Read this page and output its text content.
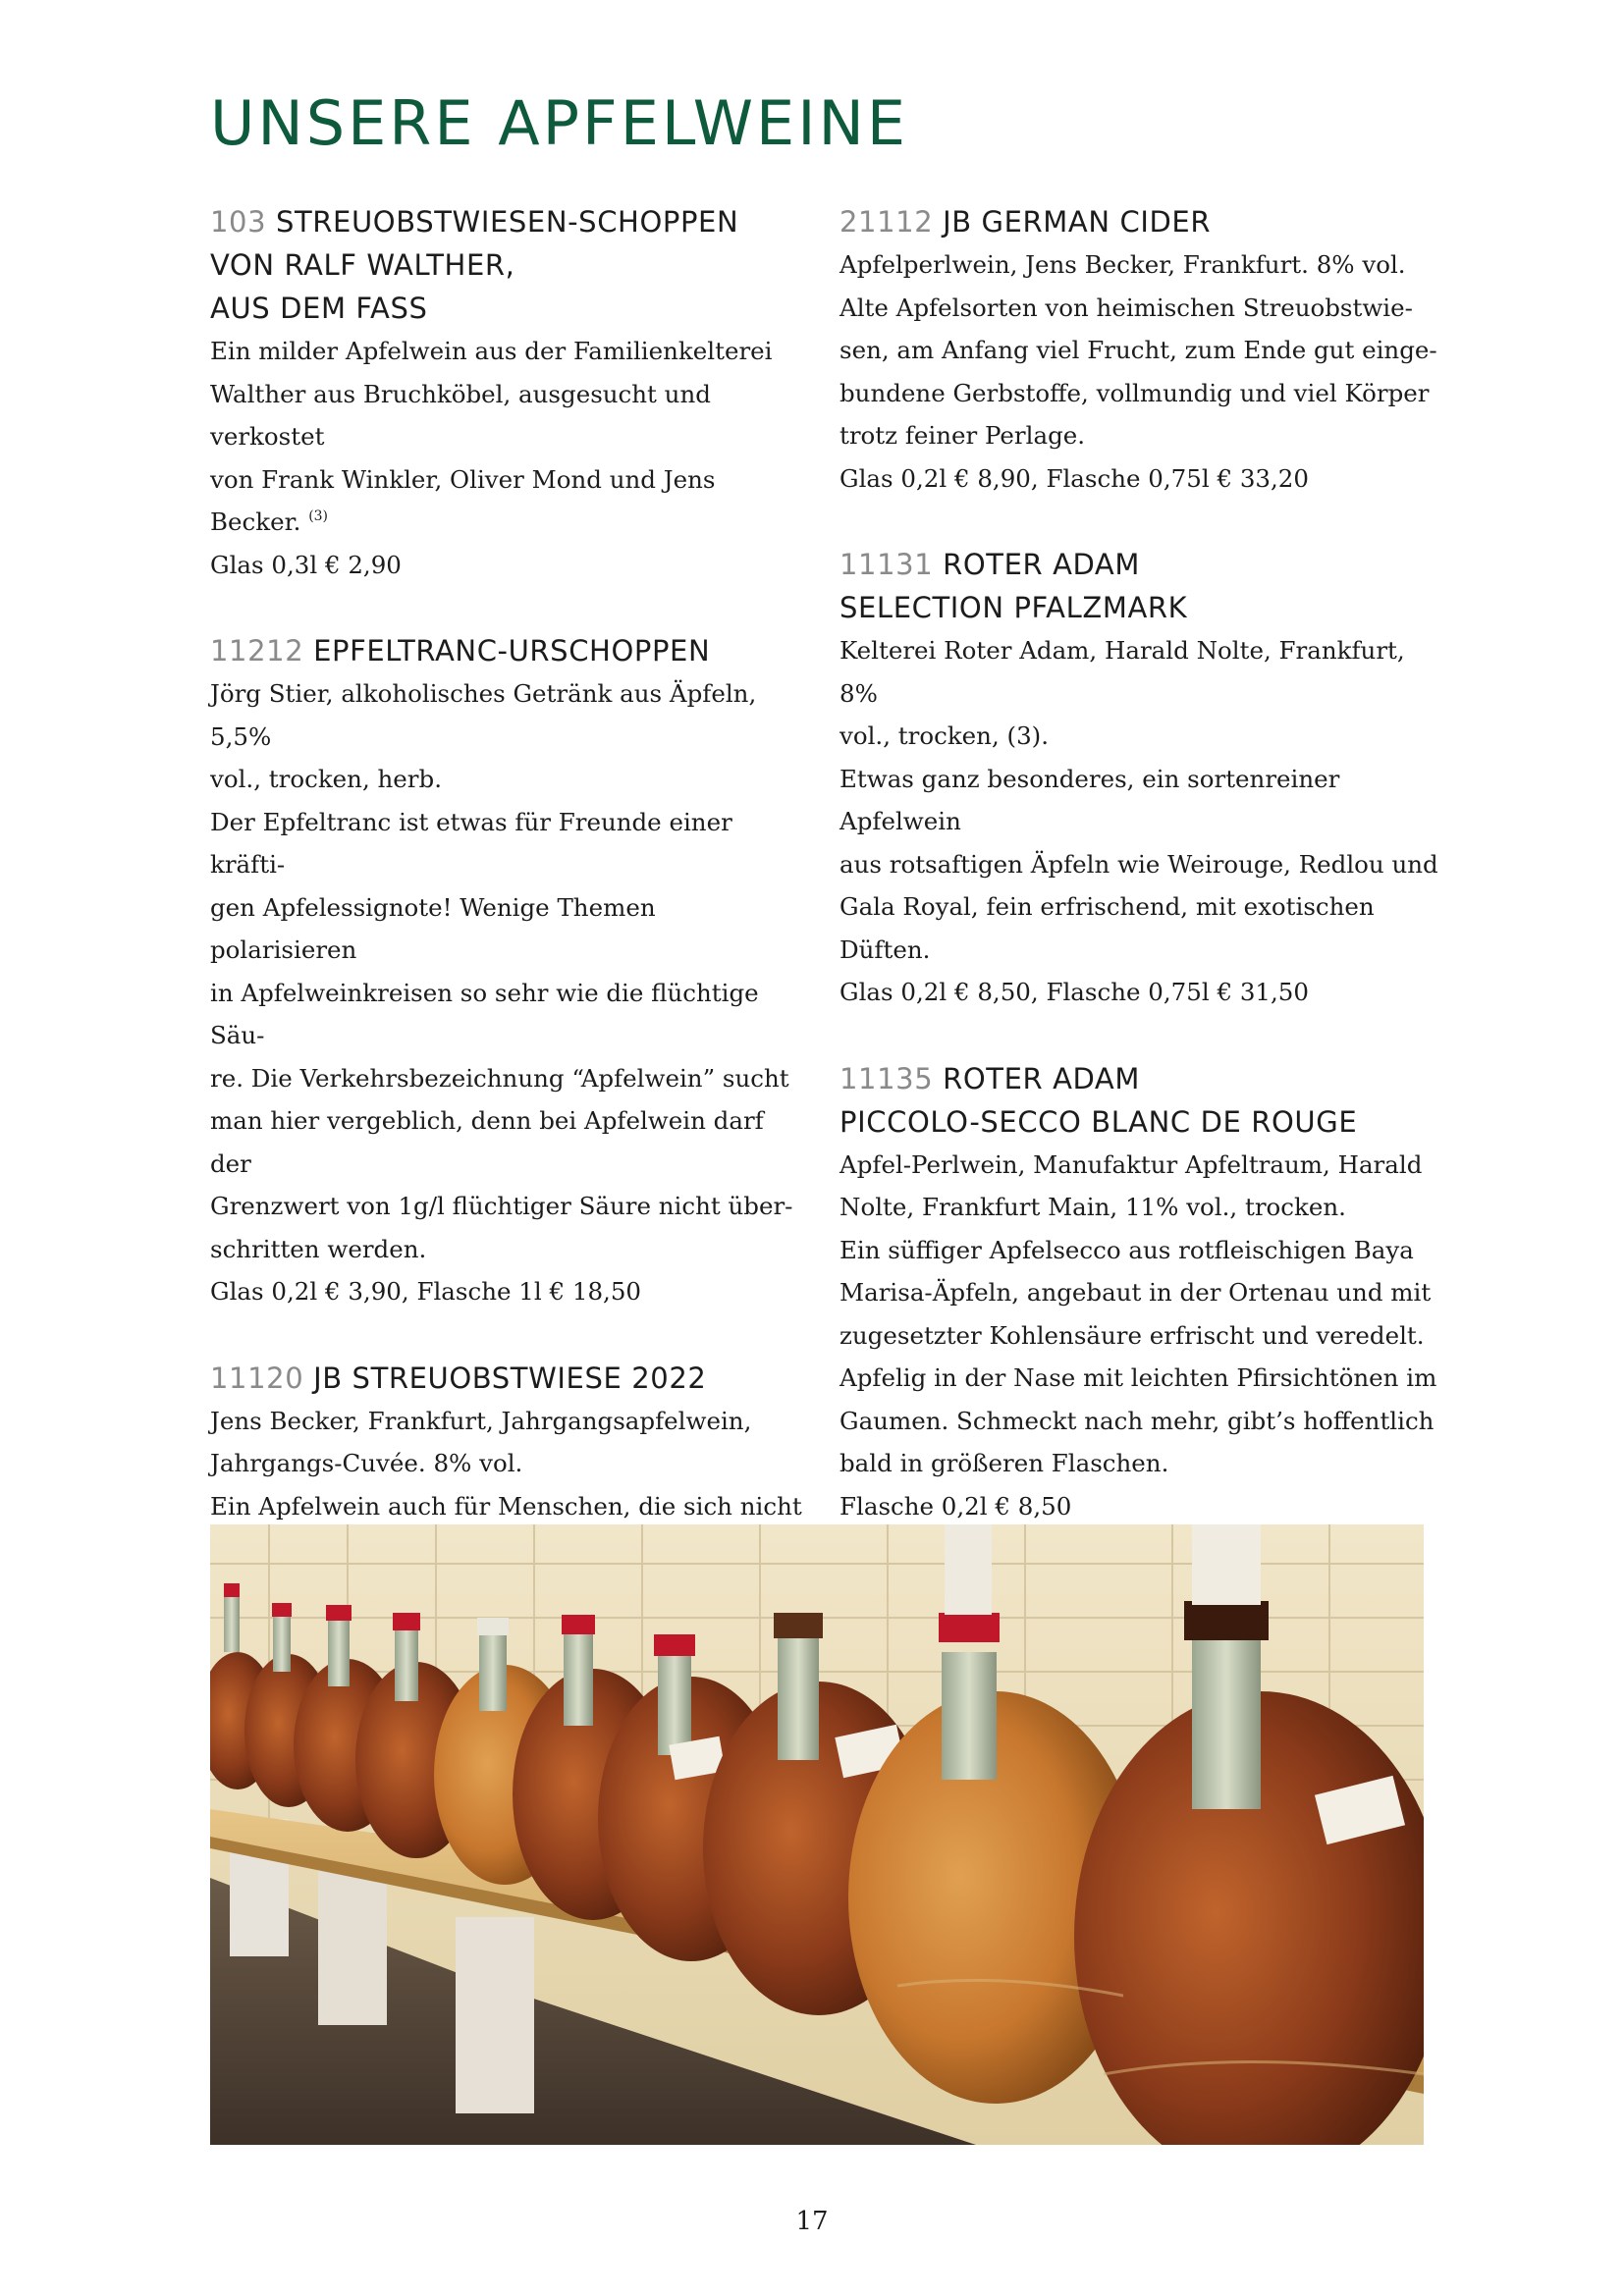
UNSERE APFELWEINE
103 STREUOBSTWIESEN-SCHOPPEN
VON RALF WALTHER,
AUS DEM FASS
Ein milder Apfelwein aus der Familienkelterei
Walther aus Bruchköbel, ausgesucht und verkostet
von Frank Winkler, Oliver Mond und Jens Becker. $^{(3)}$
Glas 0,3l € 2,90
11212 EPFELTRANC-URSCHOPPEN
Jörg Stier, alkoholisches Getränk aus Äpfeln, 5,5%
vol., trocken, herb.
Der Epfeltranc ist etwas für Freunde einer kräfti-
gen Apfelessignote! Wenige Themen polarisieren
in Apfelweinkreisen so sehr wie die flüchtige Säu-
re. Die Verkehrsbezeichnung “Apfelwein” sucht
man hier vergeblich, denn bei Apfelwein darf der
Grenzwert von 1g/l flüchtiger Säure nicht über-
schritten werden.
Glas 0,2l € 3,90, Flasche 1l € 18,50
11120 JB STREUOBSTWIESE 2022
Jens Becker, Frankfurt, Jahrgangsapfelwein,
Jahrgangs-Cuvée. 8% vol.
Ein Apfelwein auch für Menschen, die sich nicht

21112 JB GERMAN CIDER
Apfelperlwein, Jens Becker, Frankfurt. 8% vol.
Alte Apfelsorten von heimischen Streuobstwie-
sen, am Anfang viel Frucht, zum Ende gut einge-
bundene Gerbstoffe, vollmundig und viel Körper
trotz feiner Perlage.
Glas 0,2l € 8,90, Flasche 0,75l € 33,20
11131 ROTER ADAM
SELECTION PFALZMARK
Kelterei Roter Adam, Harald Nolte, Frankfurt, 8%
vol., trocken, (3).
Etwas ganz besonderes, ein sortenreiner Apfelwein
aus rotsaftigen Äpfeln wie Weirouge, Redlou und
Gala Royal, fein erfrischend, mit exotischen Düften.
Glas 0,2l € 8,50, Flasche 0,75l € 31,50
11135 ROTER ADAM
PICCOLO-SECCO BLANC DE ROUGE
Apfel-Perlwein, Manufaktur Apfeltraum, Harald
Nolte, Frankfurt Main, 11% vol., trocken.
Ein süffiger Apfelsecco aus rotfleischigen Baya
Marisa-Äpfeln, angebaut in der Ortenau und mit
zugesetzter Kohlensäure erfrischt und veredelt.
Apfelig in der Nase mit leichten Pfirsichtönen im
Gaumen. Schmeckt nach mehr, gibt’s hoffentlich
bald in größeren Flaschen.
Flasche 0,2l € 8,50
17
